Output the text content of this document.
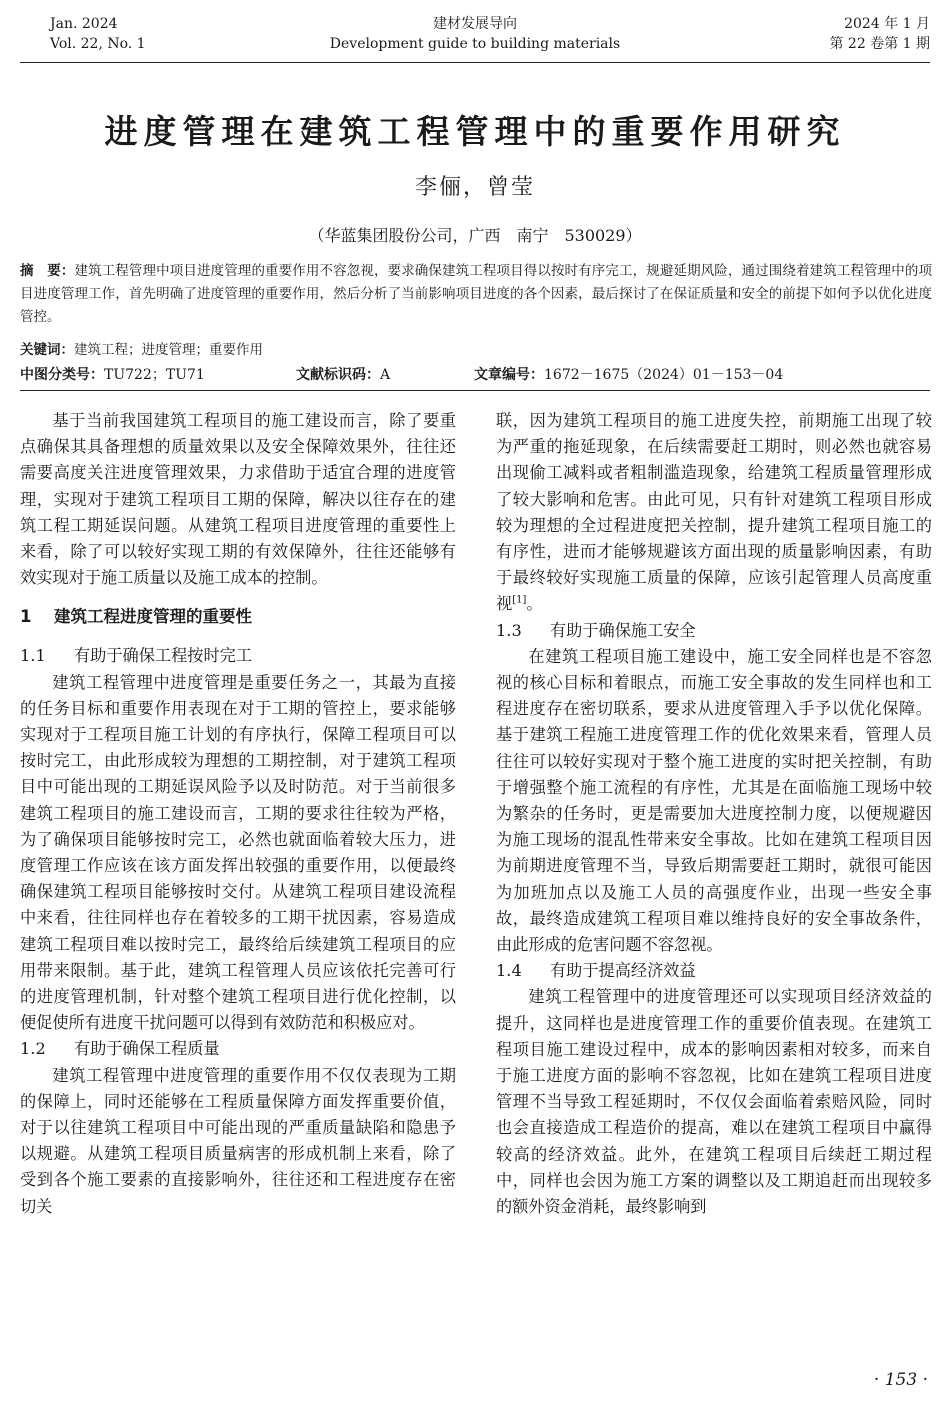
Jan. 2024
Vol. 22, No. 1
建材发展导向
Development guide to building materials
2024 年 1 月
第 22 卷第 1 期
进度管理在建筑工程管理中的重要作用研究
李俪，曾莹
（华蓝集团股份公司，广西　南宁　530029）
摘　要：建筑工程管理中项目进度管理的重要作用不容忽视，要求确保建筑工程项目得以按时有序完工，规避延期风险，通过围绕着建筑工程管理中的项目进度管理工作，首先明确了进度管理的重要作用，然后分析了当前影响项目进度的各个因素，最后探讨了在保证质量和安全的前提下如何予以优化进度管控。
关键词：建筑工程；进度管理；重要作用
中图分类号：TU722；TU71	文献标识码：A	文章编号：1672－1675（2024）01－153－04

基于当前我国建筑工程项目的施工建设而言，除了要重点确保其具备理想的质量效果以及安全保障效果外，往往还需要高度关注进度管理效果，力求借助于适宜合理的进度管理，实现对于建筑工程项目工期的保障，解决以往存在的建筑工程工期延误问题。从建筑工程项目进度管理的重要性上来看，除了可以较好实现工期的有效保障外，往往还能够有效实现对于施工质量以及施工成本的控制。

1 建筑工程进度管理的重要性
1.1 有助于确保工程按时完工

建筑工程管理中进度管理是重要任务之一，其最为直接的任务目标和重要作用表现在对于工期的管控上，要求能够实现对于工程项目施工计划的有序执行，保障工程项目可以按时完工，由此形成较为理想的工期控制，对于建筑工程项目中可能出现的工期延误风险予以及时防范。对于当前很多建筑工程项目的施工建设而言，工期的要求往往较为严格，为了确保项目能够按时完工，必然也就面临着较大压力，进度管理工作应该在该方面发挥出较强的重要作用，以便最终确保建筑工程项目能够按时交付。从建筑工程项目建设流程中来看，往往同样也存在着较多的工期干扰因素，容易造成建筑工程项目难以按时完工，最终给后续建筑工程项目的应用带来限制。基于此，建筑工程管理人员应该依托完善可行的进度管理机制，针对整个建筑工程项目进行优化控制，以便促使所有进度干扰问题可以得到有效防范和积极应对。

1.2 有助于确保工程质量

建筑工程管理中进度管理的重要作用不仅仅表现为工期的保障上，同时还能够在工程质量保障方面发挥重要价值，对于以往建筑工程项目中可能出现的严重质量缺陷和隐患予以规避。从建筑工程项目质量病害的形成机制上来看，除了受到各个施工要素的直接影响外，往往还和工程进度存在密切关

联，因为建筑工程项目的施工进度失控，前期施工出现了较为严重的拖延现象，在后续需要赶工期时，则必然也就容易出现偷工减料或者粗制滥造现象，给建筑工程质量管理形成了较大影响和危害。由此可见，只有针对建筑工程项目形成较为理想的全过程进度把关控制，提升建筑工程项目施工的有序性，进而才能够规避该方面出现的质量影响因素，有助于最终较好实现施工质量的保障，应该引起管理人员高度重视[1]。

1.3 有助于确保施工安全

在建筑工程项目施工建设中，施工安全同样也是不容忽视的核心目标和着眼点，而施工安全事故的发生同样也和工程进度存在密切联系，要求从进度管理入手予以优化保障。基于建筑工程施工进度管理工作的优化效果来看，管理人员往往可以较好实现对于整个施工进度的实时把关控制，有助于增强整个施工流程的有序性，尤其是在面临施工现场中较为繁杂的任务时，更是需要加大进度控制力度，以便规避因为施工现场的混乱性带来安全事故。比如在建筑工程项目因为前期进度管理不当，导致后期需要赶工期时，就很可能因为加班加点以及施工人员的高强度作业，出现一些安全事故，最终造成建筑工程项目难以维持良好的安全事故条件，由此形成的危害问题不容忽视。

1.4 有助于提高经济效益

建筑工程管理中的进度管理还可以实现项目经济效益的提升，这同样也是进度管理工作的重要价值表现。在建筑工程项目施工建设过程中，成本的影响因素相对较多，而来自于施工进度方面的影响不容忽视，比如在建筑工程项目进度管理不当导致工程延期时，不仅仅会面临着索赔风险，同时也会直接造成工程造价的提高，难以在建筑工程项目中赢得较高的经济效益。此外，在建筑工程项目后续赶工期过程中，同样也会因为施工方案的调整以及工期追赶而出现较多的额外资金消耗，最终影响到

· 153 ·
